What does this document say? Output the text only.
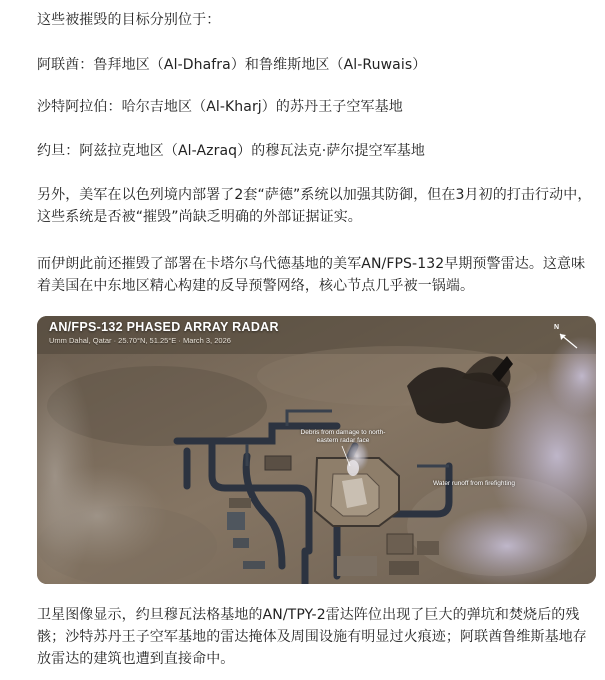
这些被摧毁的目标分别位于：

阿联酋：鲁拜地区（Al-Dhafra）和鲁维斯地区（Al-Ruwais）

沙特阿拉伯：哈尔吉地区（Al-Kharj）的苏丹王子空军基地

约旦：阿兹拉克地区（Al-Azraq）的穆瓦法克·萨尔提空军基地

另外，美军在以色列境内部署了2套“萨德”系统以加强其防御，但在3月初的打击行动中，这些系统是否被“摧毁”尚缺乏明确的外部证据证实。

而伊朗此前还摧毁了部署在卡塔尔乌代德基地的美军AN/FPS-132早期预警雷达。这意味着美国在中东地区精心构建的反导预警网络，核心节点几乎被一锅端。

卫星图像显示，约旦穆瓦法格基地的AN/TPY-2雷达阵位出现了巨大的弹坑和焚烧后的残骸；沙特苏丹王子空军基地的雷达掩体及周围设施有明显过火痕迹；阿联酋鲁维斯基地存放雷达的建筑也遭到直接命中。

AN/FPS-132 PHASED ARRAY RADAR
Umm Dahal, Qatar · 25.70°N, 51.25°E · March 3, 2026
N
Debris from damage to north-eastern radar face
Water runoff from firefighting
